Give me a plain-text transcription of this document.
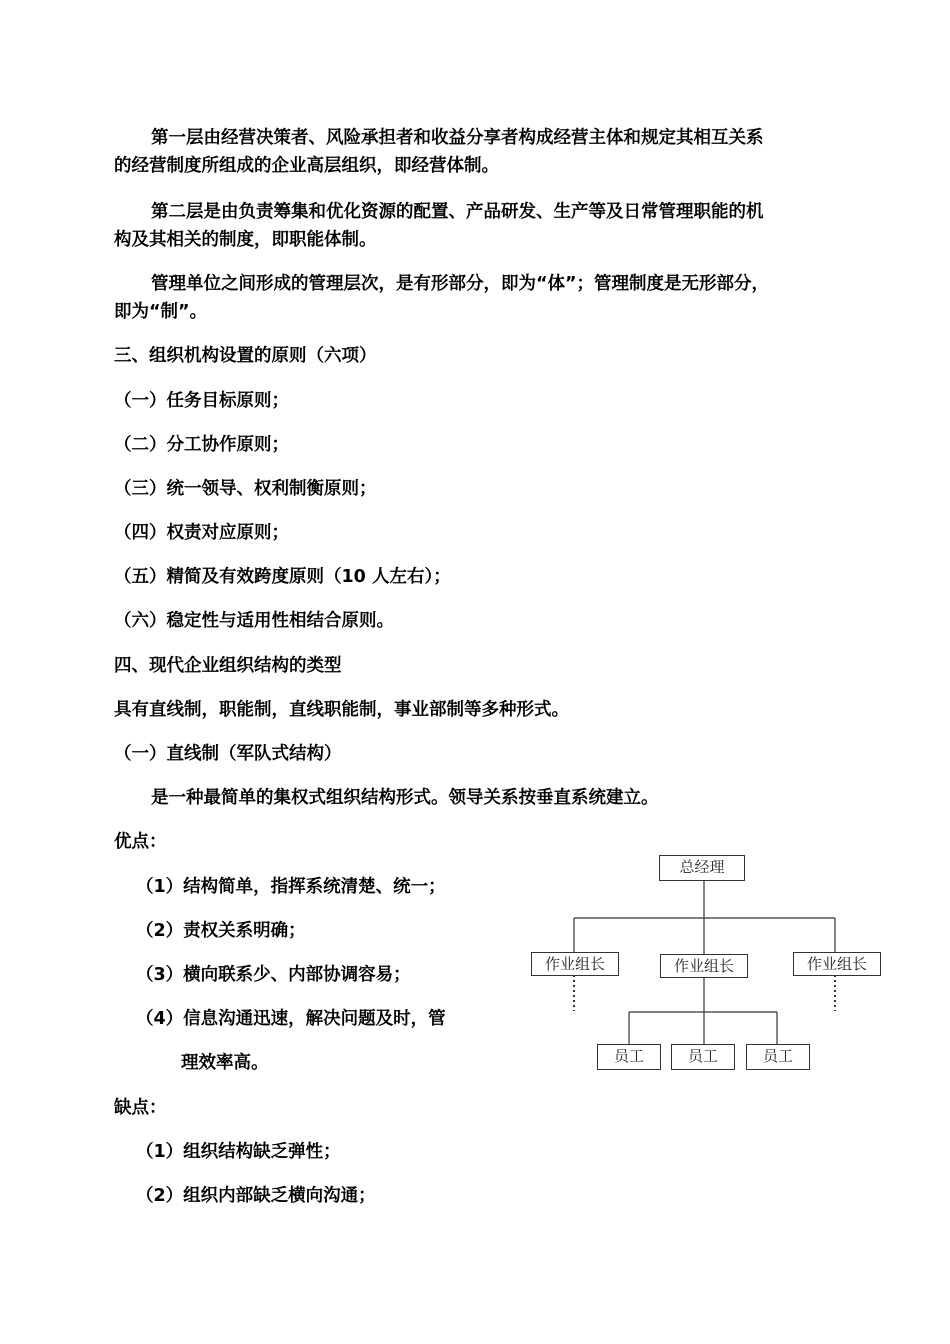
第一层由经营决策者、风险承担者和收益分享者构成经营主体和规定其相互关系
的经营制度所组成的企业高层组织，即经营体制。
第二层是由负责筹集和优化资源的配置、产品研发、生产等及日常管理职能的机
构及其相关的制度，即职能体制。
管理单位之间形成的管理层次，是有形部分，即为“体”；管理制度是无形部分，
即为“制”。
三、组织机构设置的原则（六项）
（一）任务目标原则；
（二）分工协作原则；
（三）统一领导、权利制衡原则；
（四）权责对应原则；
（五）精简及有效跨度原则（10 人左右）；
（六）稳定性与适用性相结合原则。
四、现代企业组织结构的类型
具有直线制，职能制，直线职能制，事业部制等多种形式。
（一）直线制（军队式结构）
是一种最简单的集权式组织结构形式。领导关系按垂直系统建立。
优点：
（1）结构简单，指挥系统清楚、统一；
（2）责权关系明确；
（3）横向联系少、内部协调容易；
（4）信息沟通迅速，解决问题及时，管
理效率高。
缺点：
（1）组织结构缺乏弹性；
（2）组织内部缺乏横向沟通；
总经理
作业组长	作业组长	作业组长
员工	员工	员工
